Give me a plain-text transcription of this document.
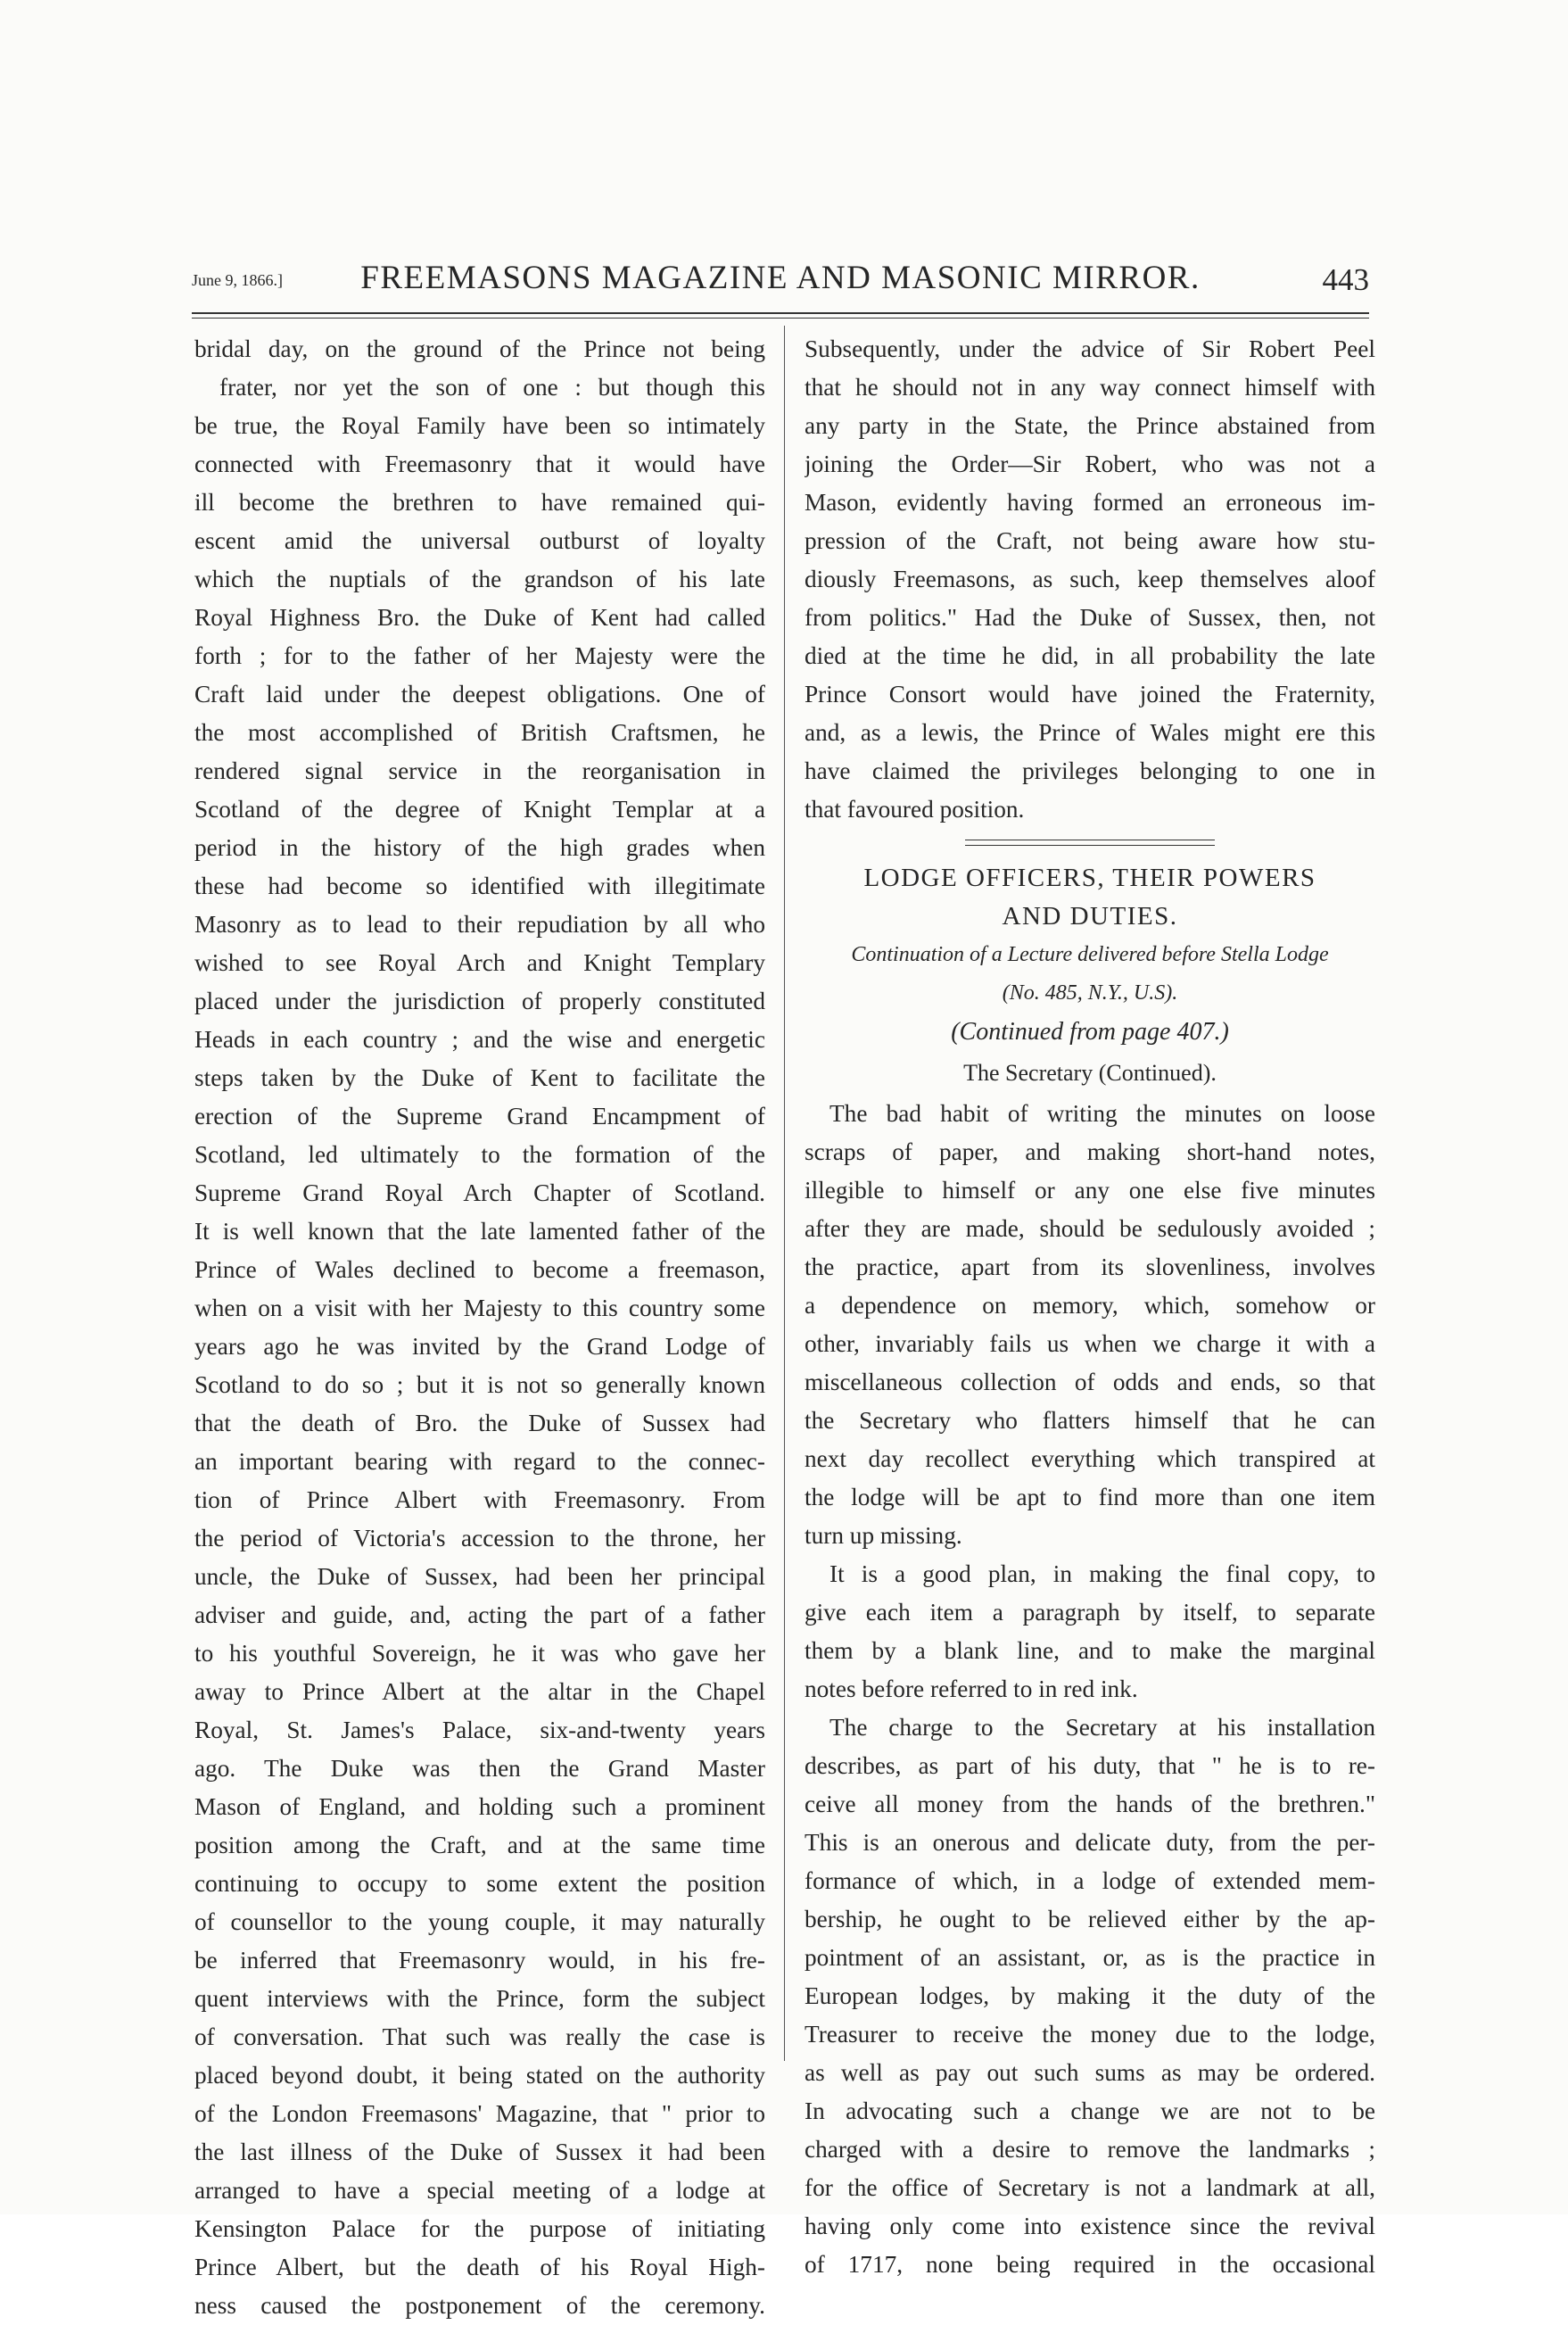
June 9, 1866.]	FREEMASONS MAGAZINE AND MASONIC MIRROR.	443
bridal day, on the ground of the Prince not being
frater, nor yet the son of one : but though this
be true, the Royal Family have been so intimately
connected with Freemasonry that it would have
ill become the brethren to have remained qui-
escent amid the universal outburst of loyalty
which the nuptials of the grandson of his late
Royal Highness Bro. the Duke of Kent had called
forth ; for to the father of her Majesty were the
Craft laid under the deepest obligations. One of
the most accomplished of British Craftsmen, he
rendered signal service in the reorganisation in
Scotland of the degree of Knight Templar at a
period in the history of the high grades when
these had become so identified with illegitimate
Masonry as to lead to their repudiation by all who
wished to see Royal Arch and Knight Templary
placed under the jurisdiction of properly constituted
Heads in each country ; and the wise and energetic
steps taken by the Duke of Kent to facilitate the
erection of the Supreme Grand Encampment of
Scotland, led ultimately to the formation of the
Supreme Grand Royal Arch Chapter of Scotland.
It is well known that the late lamented father of the
Prince of Wales declined to become a freemason,
when on a visit with her Majesty to this country some
years ago he was invited by the Grand Lodge of
Scotland to do so ; but it is not so generally known
that the death of Bro. the Duke of Sussex had
an important bearing with regard to the connec-
tion of Prince Albert with Freemasonry. From
the period of Victoria's accession to the throne, her
uncle, the Duke of Sussex, had been her principal
adviser and guide, and, acting the part of a father
to his youthful Sovereign, he it was who gave her
away to Prince Albert at the altar in the Chapel
Royal, St. James's Palace, six-and-twenty years
ago. The Duke was then the Grand Master
Mason of England, and holding such a prominent
position among the Craft, and at the same time
continuing to occupy to some extent the position
of counsellor to the young couple, it may naturally
be inferred that Freemasonry would, in his fre-
quent interviews with the Prince, form the subject
of conversation. That such was really the case is
placed beyond doubt, it being stated on the authority
of the London Freemasons' Magazine, that " prior to
the last illness of the Duke of Sussex it had been
arranged to have a special meeting of a lodge at
Kensington Palace for the purpose of initiating
Prince Albert, but the death of his Royal High-
ness caused the postponement of the ceremony.
Subsequently, under the advice of Sir Robert Peel
that he should not in any way connect himself with
any party in the State, the Prince abstained from
joining the Order—Sir Robert, who was not a
Mason, evidently having formed an erroneous im-
pression of the Craft, not being aware how stu-
diously Freemasons, as such, keep themselves aloof
from politics." Had the Duke of Sussex, then, not
died at the time he did, in all probability the late
Prince Consort would have joined the Fraternity,
and, as a lewis, the Prince of Wales might ere this
have claimed the privileges belonging to one in
that favoured position.
LODGE OFFICERS, THEIR POWERS
AND DUTIES.
Continuation of a Lecture delivered before Stella Lodge
(No. 485, N.Y., U.S).
(Continued from page 407.)
The Secretary (Continued).
The bad habit of writing the minutes on loose
scraps of paper, and making short-hand notes,
illegible to himself or any one else five minutes
after they are made, should be sedulously avoided ;
the practice, apart from its slovenliness, involves
a dependence on memory, which, somehow or
other, invariably fails us when we charge it with a
miscellaneous collection of odds and ends, so that
the Secretary who flatters himself that he can
next day recollect everything which transpired at
the lodge will be apt to find more than one item
turn up missing.
It is a good plan, in making the final copy, to
give each item a paragraph by itself, to separate
them by a blank line, and to make the marginal
notes before referred to in red ink.
The charge to the Secretary at his installation
describes, as part of his duty, that " he is to re-
ceive all money from the hands of the brethren."
This is an onerous and delicate duty, from the per-
formance of which, in a lodge of extended mem-
bership, he ought to be relieved either by the ap-
pointment of an assistant, or, as is the practice in
European lodges, by making it the duty of the
Treasurer to receive the money due to the lodge,
as well as pay out such sums as may be ordered.
In advocating such a change we are not to be
charged with a desire to remove the landmarks ;
for the office of Secretary is not a landmark at all,
having only come into existence since the revival
of 1717, none being required in the occasional
